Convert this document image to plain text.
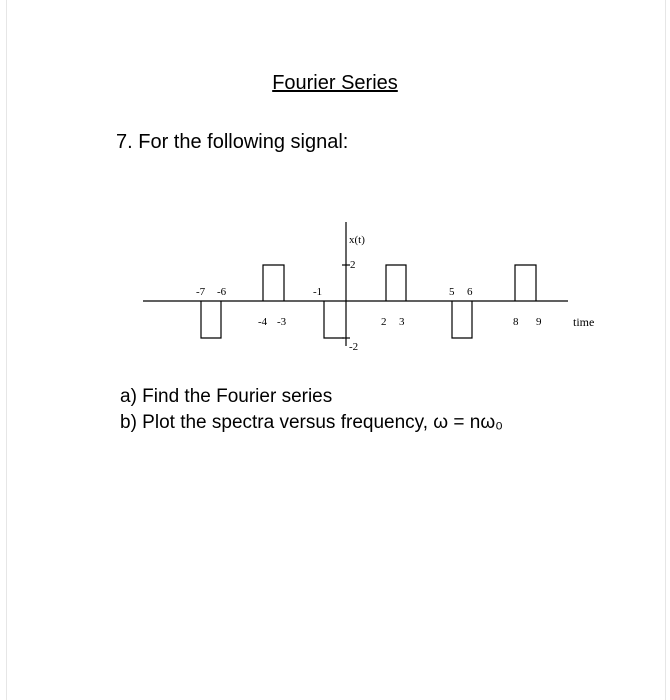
Fourier Series
7. For the following signal:
x(t)
2
-2
time
-7 -6	-1	5 6
-4 -3	2 3	8 9
a) Find the Fourier series
b) Plot the spectra versus frequency, ω = nω₀
